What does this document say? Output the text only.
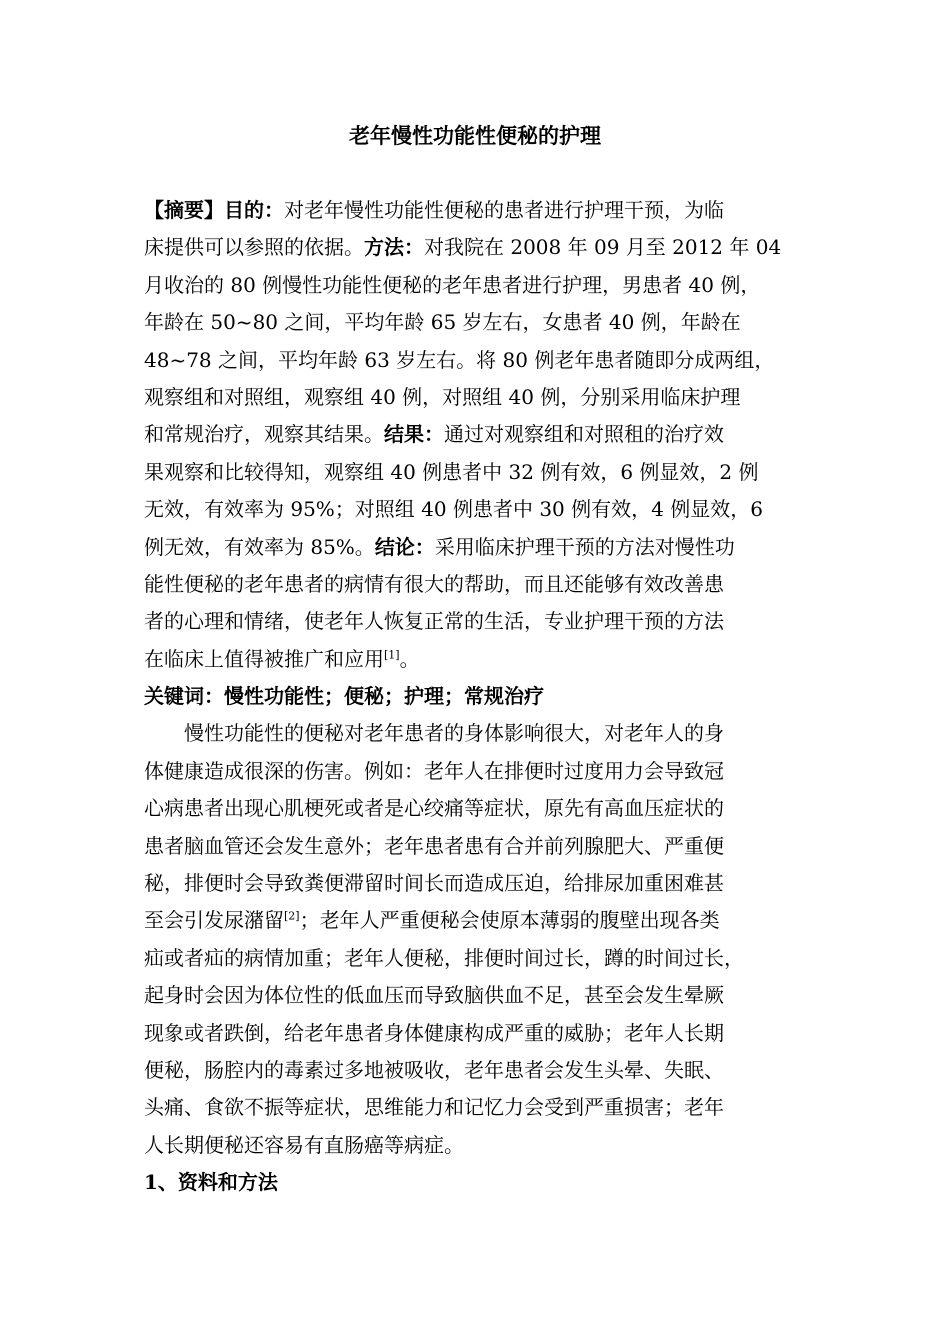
老年慢性功能性便秘的护理
【摘要】目的：对老年慢性功能性便秘的患者进行护理干预，为临
床提供可以参照的依据。方法：对我院在 2008 年 09 月至 2012 年 04
月收治的 80 例慢性功能性便秘的老年患者进行护理，男患者 40 例，
年龄在 50~80 之间，平均年龄 65 岁左右，女患者 40 例，年龄在
48~78 之间，平均年龄 63 岁左右。将 80 例老年患者随即分成两组，
观察组和对照组，观察组 40 例，对照组 40 例，分别采用临床护理
和常规治疗，观察其结果。结果：通过对观察组和对照租的治疗效
果观察和比较得知，观察组 40 例患者中 32 例有效，6 例显效，2 例
无效，有效率为 95%；对照组 40 例患者中 30 例有效，4 例显效，6
例无效，有效率为 85%。结论：采用临床护理干预的方法对慢性功
能性便秘的老年患者的病情有很大的帮助，而且还能够有效改善患
者的心理和情绪，使老年人恢复正常的生活，专业护理干预的方法
在临床上值得被推广和应用[1]。
关键词：慢性功能性；便秘；护理；常规治疗
慢性功能性的便秘对老年患者的身体影响很大，对老年人的身
体健康造成很深的伤害。例如：老年人在排便时过度用力会导致冠
心病患者出现心肌梗死或者是心绞痛等症状，原先有高血压症状的
患者脑血管还会发生意外；老年患者患有合并前列腺肥大、严重便
秘，排便时会导致粪便滞留时间长而造成压迫，给排尿加重困难甚
至会引发尿潴留[2]；老年人严重便秘会使原本薄弱的腹壁出现各类
疝或者疝的病情加重；老年人便秘，排便时间过长，蹲的时间过长，
起身时会因为体位性的低血压而导致脑供血不足，甚至会发生晕厥
现象或者跌倒，给老年患者身体健康构成严重的威胁；老年人长期
便秘，肠腔内的毒素过多地被吸收，老年患者会发生头晕、失眠、
头痛、食欲不振等症状，思维能力和记忆力会受到严重损害；老年
人长期便秘还容易有直肠癌等病症。
1、资料和方法
